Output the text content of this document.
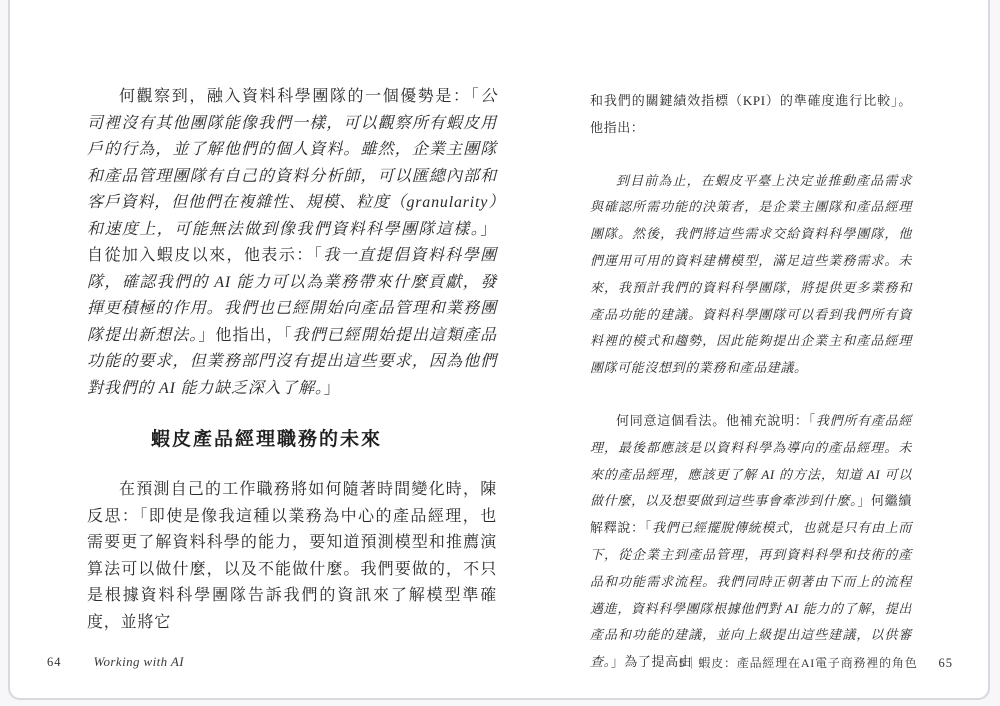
何觀察到，融入資料科學團隊的一個優勢是：「公司裡沒有其他團隊能像我們一樣，可以觀察所有蝦皮用戶的行為，並了解他們的個人資料。雖然，企業主團隊和產品管理團隊有自己的資料分析師，可以匯總內部和客戶資料，但他們在複雜性、規模、粒度（granularity）和速度上，可能無法做到像我們資料科學團隊這樣。」自從加入蝦皮以來，他表示：「我一直提倡資料科學團隊，確認我們的 AI 能力可以為業務帶來什麼貢獻，發揮更積極的作用。我們也已經開始向產品管理和業務團隊提出新想法。」他指出，「我們已經開始提出這類產品功能的要求，但業務部門沒有提出這些要求，因為他們對我們的 AI 能力缺乏深入了解。」

蝦皮產品經理職務的未來

在預測自己的工作職務將如何隨著時間變化時，陳反思：「即使是像我這種以業務為中心的產品經理，也需要更了解資料科學的能力，要知道預測模型和推薦演算法可以做什麼，以及不能做什麼。我們要做的，不只是根據資料科學團隊告訴我們的資訊來了解模型準確度，並將它

和我們的關鍵績效指標（KPI）的準確度進行比較」。他指出：

到目前為止，在蝦皮平臺上決定並推動產品需求與確認所需功能的決策者，是企業主團隊和產品經理團隊。然後，我們將這些需求交給資料科學團隊，他們運用可用的資料建構模型，滿足這些業務需求。未來，我預計我們的資料科學團隊，將提供更多業務和產品功能的建議。資料科學團隊可以看到我們所有資料裡的模式和趨勢，因此能夠提出企業主和產品經理團隊可能沒想到的業務和產品建議。

何同意這個看法。他補充說明：「我們所有產品經理，最後都應該是以資料科學為導向的產品經理。未來的產品經理，應該更了解 AI 的方法，知道 AI 可以做什麼，以及想要做到這些事會牽涉到什麼。」何繼續解釋說：「我們已經擺脫傳統模式，也就是只有由上而下，從企業主到產品管理，再到資料科學和技術的產品和功能需求流程。我們同時正朝著由下而上的流程邁進，資料科學團隊根據他們對 AI 能力的了解，提出產品和功能的建議，並向上級提出這些建議，以供審查。」為了提高由

64 Working with AI	5｜蝦皮：產品經理在AI電子商務裡的角色 65
